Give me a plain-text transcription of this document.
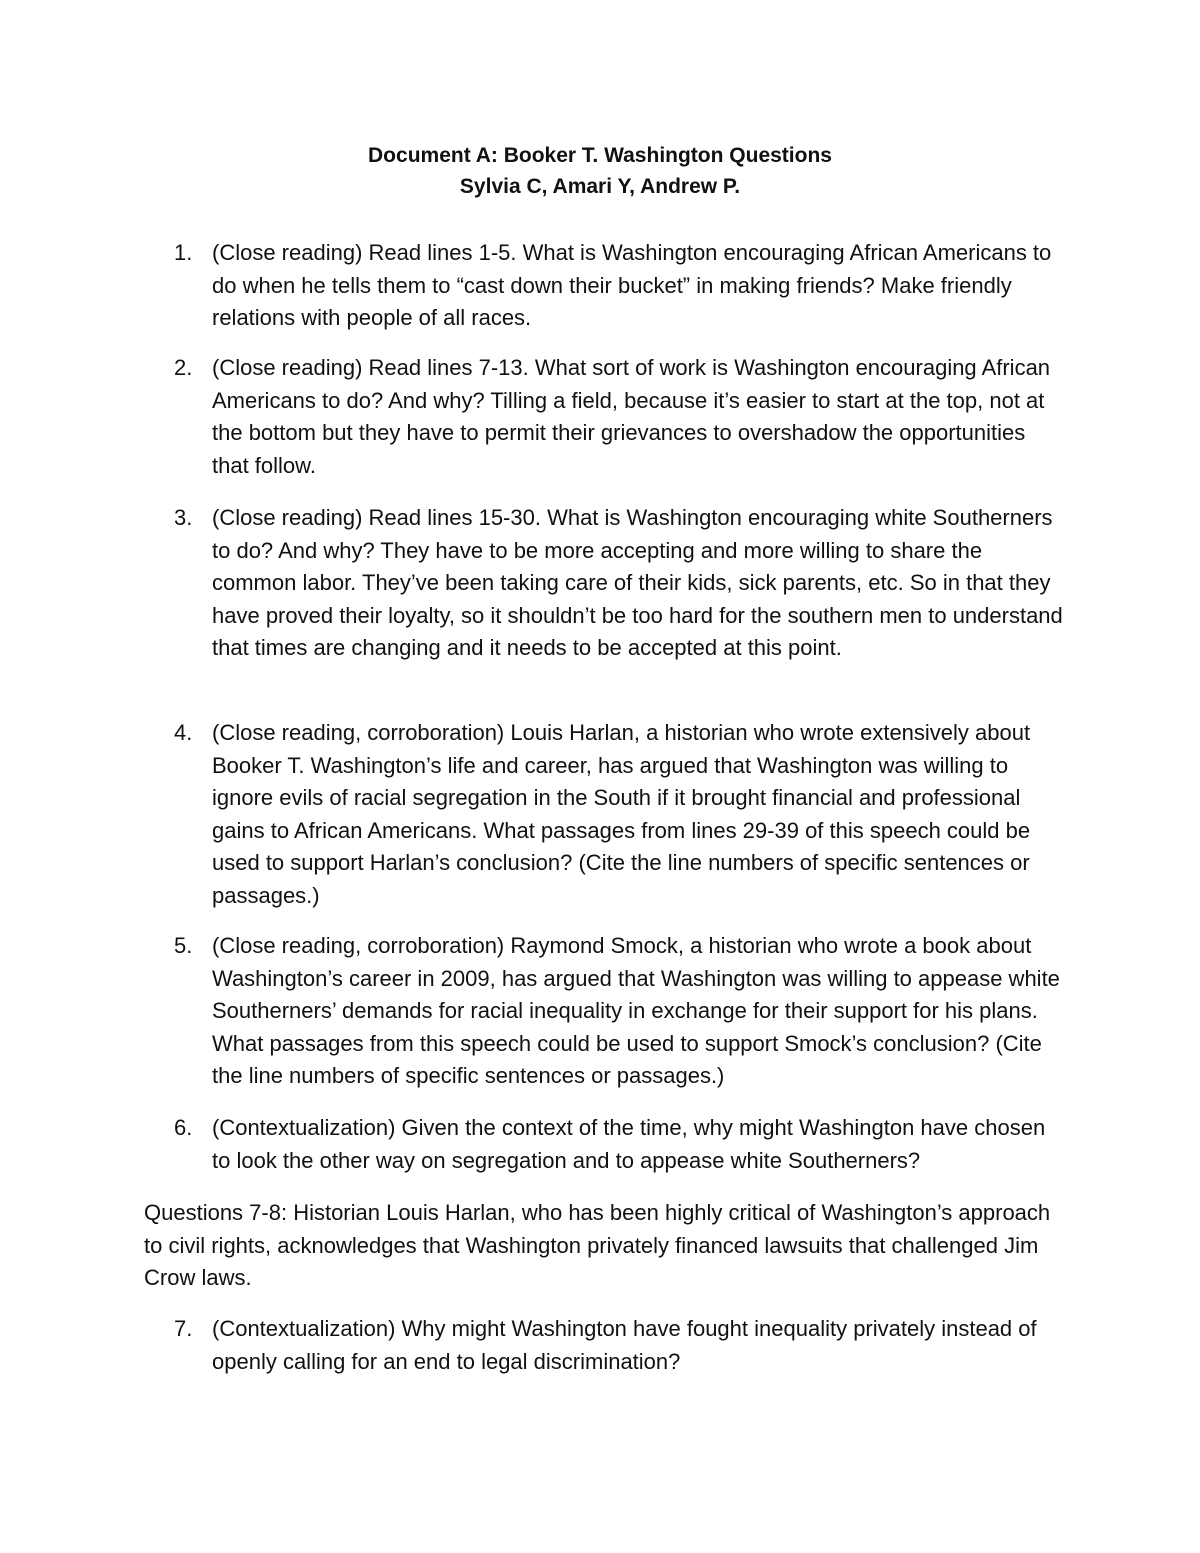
Document A: Booker T. Washington Questions
Sylvia C, Amari Y, Andrew P.

1. (Close reading) Read lines 1-5. What is Washington encouraging African Americans to do when he tells them to “cast down their bucket” in making friends? Make friendly relations with people of all races.

2. (Close reading) Read lines 7-13. What sort of work is Washington encouraging African Americans to do? And why? Tilling a field, because it’s easier to start at the top, not at the bottom but they have to permit their grievances to overshadow the opportunities that follow.

3. (Close reading) Read lines 15-30. What is Washington encouraging white Southerners to do? And why? They have to be more accepting and more willing to share the common labor. They’ve been taking care of their kids, sick parents, etc. So in that they have proved their loyalty, so it shouldn’t be too hard for the southern men to understand that times are changing and it needs to be accepted at this point.

4. (Close reading, corroboration) Louis Harlan, a historian who wrote extensively about Booker T. Washington’s life and career, has argued that Washington was willing to ignore evils of racial segregation in the South if it brought financial and professional gains to African Americans. What passages from lines 29-39 of this speech could be used to support Harlan’s conclusion? (Cite the line numbers of specific sentences or passages.)

5. (Close reading, corroboration) Raymond Smock, a historian who wrote a book about Washington’s career in 2009, has argued that Washington was willing to appease white Southerners’ demands for racial inequality in exchange for their support for his plans. What passages from this speech could be used to support Smock’s conclusion? (Cite the line numbers of specific sentences or passages.)

6. (Contextualization) Given the context of the time, why might Washington have chosen to look the other way on segregation and to appease white Southerners?

Questions 7-8: Historian Louis Harlan, who has been highly critical of Washington’s approach to civil rights, acknowledges that Washington privately financed lawsuits that challenged Jim Crow laws.

7. (Contextualization) Why might Washington have fought inequality privately instead of openly calling for an end to legal discrimination?
